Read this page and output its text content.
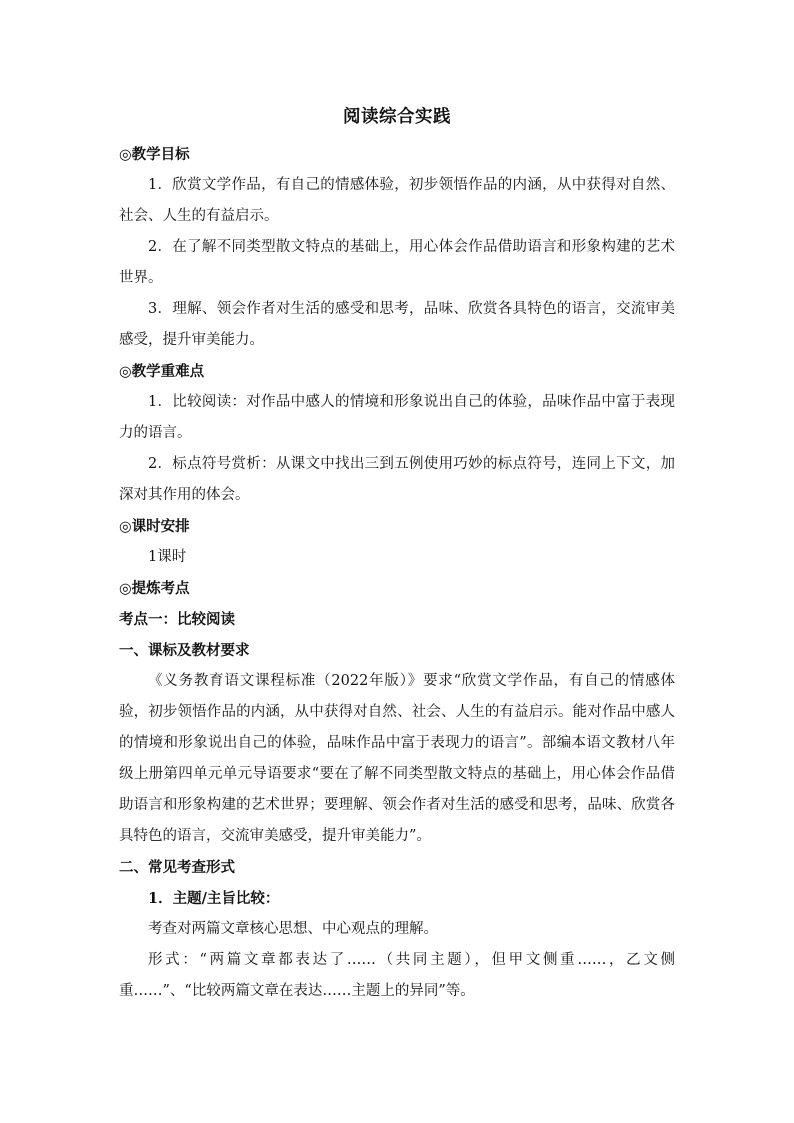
阅读综合实践

◎教学目标

1．欣赏文学作品，有自己的情感体验，初步领悟作品的内涵，从中获得对自然、社会、人生的有益启示。

2．在了解不同类型散文特点的基础上，用心体会作品借助语言和形象构建的艺术世界。

3．理解、领会作者对生活的感受和思考，品味、欣赏各具特色的语言，交流审美感受，提升审美能力。

◎教学重难点

1．比较阅读：对作品中感人的情境和形象说出自己的体验，品味作品中富于表现力的语言。

2．标点符号赏析：从课文中找出三到五例使用巧妙的标点符号，连同上下文，加深对其作用的体会。

◎课时安排

1课时

◎提炼考点

考点一：比较阅读

一、课标及教材要求

《义务教育语文课程标准（2022年版）》要求“欣赏文学作品，有自己的情感体验，初步领悟作品的内涵，从中获得对自然、社会、人生的有益启示。能对作品中感人的情境和形象说出自己的体验，品味作品中富于表现力的语言”。部编本语文教材八年级上册第四单元单元导语要求“要在了解不同类型散文特点的基础上，用心体会作品借助语言和形象构建的艺术世界；要理解、领会作者对生活的感受和思考，品味、欣赏各具特色的语言，交流审美感受，提升审美能力”。

二、常见考查形式

1．主题/主旨比较：

考查对两篇文章核心思想、中心观点的理解。

形式：“两篇文章都表达了……（共同主题），但甲文侧重……，乙文侧重……”、“比较两篇文章在表达……主题上的异同”等。
